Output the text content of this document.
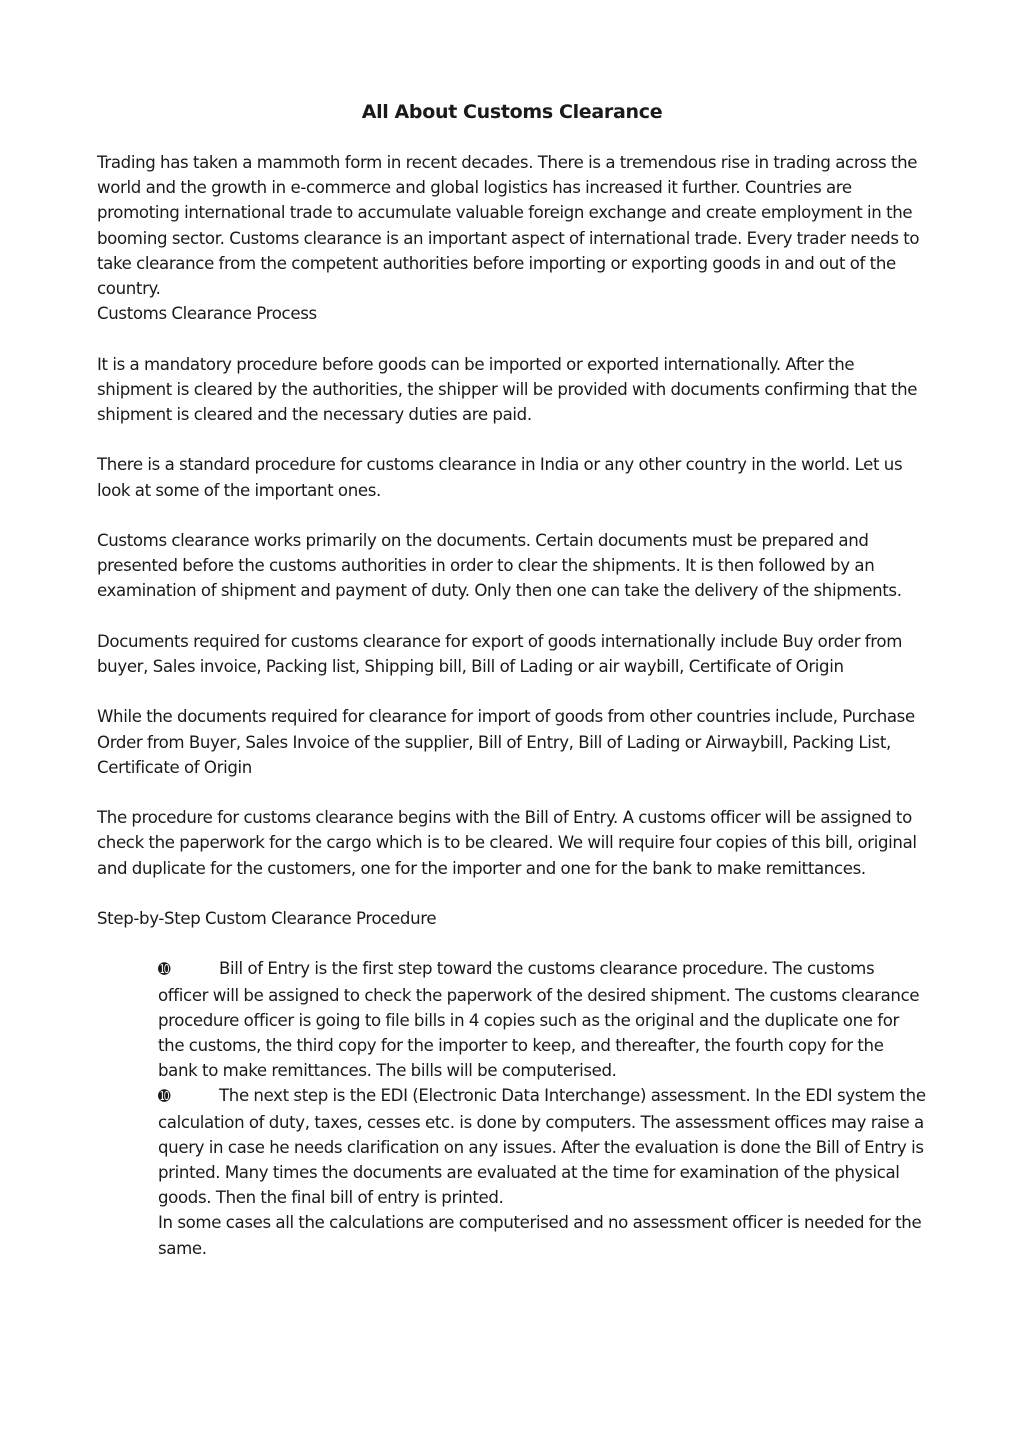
All About Customs Clearance

Trading has taken a mammoth form in recent decades. There is a tremendous rise in trading across the world and the growth in e-commerce and global logistics has increased it further. Countries are promoting international trade to accumulate valuable foreign exchange and create employment in the booming sector. Customs clearance is an important aspect of international trade. Every trader needs to take clearance from the competent authorities before importing or exporting goods in and out of the country.

Customs Clearance Process

It is a mandatory procedure before goods can be imported or exported internationally. After the shipment is cleared by the authorities, the shipper will be provided with documents confirming that the shipment is cleared and the necessary duties are paid.

There is a standard procedure for customs clearance in India or any other country in the world. Let us look at some of the important ones.

Customs clearance works primarily on the documents. Certain documents must be prepared and presented before the customs authorities in order to clear the shipments. It is then followed by an examination of shipment and payment of duty. Only then one can take the delivery of the shipments.

Documents required for customs clearance for export of goods internationally include Buy order from buyer, Sales invoice, Packing list, Shipping bill, Bill of Lading or air waybill, Certificate of Origin

While the documents required for clearance for import of goods from other countries include, Purchase Order from Buyer, Sales Invoice of the supplier, Bill of Entry, Bill of Lading or Airwaybill, Packing List, Certificate of Origin

The procedure for customs clearance begins with the Bill of Entry. A customs officer will be assigned to check the paperwork for the cargo which is to be cleared. We will require four copies of this bill, original and duplicate for the customers, one for the importer and one for the bank to make remittances.

Step-by-Step Custom Clearance Procedure

➓	Bill of Entry is the first step toward the customs clearance procedure. The customs officer will be assigned to check the paperwork of the desired shipment. The customs clearance procedure officer is going to file bills in 4 copies such as the original and the duplicate one for the customs, the third copy for the importer to keep, and thereafter, the fourth copy for the bank to make remittances. The bills will be computerised.

➓	The next step is the EDI (Electronic Data Interchange) assessment. In the EDI system the calculation of duty, taxes, cesses etc. is done by computers. The assessment offices may raise a query in case he needs clarification on any issues. After the evaluation is done the Bill of Entry is printed. Many times the documents are evaluated at the time for examination of the physical goods. Then the final bill of entry is printed.

In some cases all the calculations are computerised and no assessment officer is needed for the same.
